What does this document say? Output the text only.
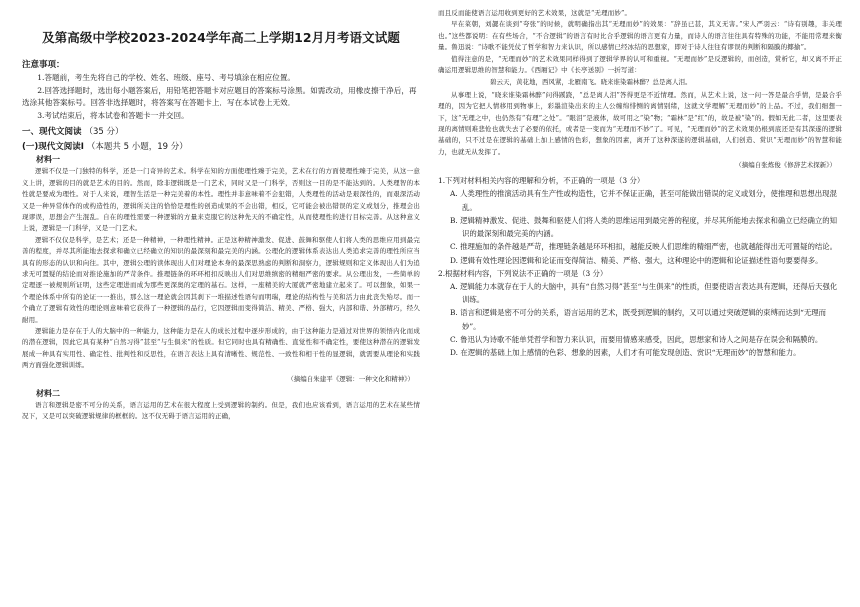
及第高级中学校2023-2024学年高二上学期12月月考语文试题
注意事项：

1.答题前，考生先将自己的学校、姓名、班级、座号、考号填涂在相应位置。

2.回答选择题时，选出每小题答案后，用铅笔把答题卡对应题目的答案标号涂黑。如需改动，用橡皮擦干净后，再选涂其他答案标号。回答非选择题时，将答案写在答题卡上．写在本试卷上无效．

3.考试结束后，将本试卷和答题卡一并交回。

一、现代文阅读 （35 分）
(一)现代文阅读Ⅰ （本题共 5 小题，19 分）
材料一

逻辑不仅是一门独特的科学，还是一门奇异的艺术。科学在知的方面使理性臻于完美，艺术在行的方面使理性臻于完美，从这一意义上讲，逻辑的目的就是艺术的目的。然而，除非逻辑既是一门艺术，同时又是一门科学，否则这一目的是不能达到的。人类理智的本性就是要成为理性。对于人来说，理智生活是一种完美着的本性。理性并非意味着不会犯错，人类理性的活动是艰深性的，而艰深活动又是一种异常体作的或构造性的，逻辑所关注的恰恰是理性的创造成果的不会出错，相反，它可能会被出错误的定义或划分，推理会出现谬误，思想会产生混乱。自在的理性需要一种逻辑的方量来克服它的这种先天的不确定性，从而使理性的进行目标完善。从这种意义上说，逻辑是一门科学，又是一门艺术。

逻辑不仅仅是科学，是艺术；还是一种精神，一种理性精神。正是这种精神激发、促进、鼓舞和驱使人们将人类的思维应用到最完善的程度，并尽其所能地去探求和确立已经确立的知识的最深刻和最完美的内涵。公理化的逻辑体系表达出人类追求完善的理性所应当具有的形态的认识和向往。其中，逻辑公理的读体现出人们对理论本身的最深思熟虑的判断和洞察力，逻辑规则和定义体现出人们为追求无可置疑的结论而对推论施加的严苛条件。推理链条的环环相扣反映出人们对思维缜密的精细严密的要求。从公理出发，一些简单的定理逐一被规则所证明，这些定理进而成为那些更深奥的定理的基石。这样，一座精美的大厦就严密地建立起来了。可以想象，如果一个理论体系中所有的论证一一推出，那么这一理论就会因其刹下一堆描述性语句而明瑞，理论的结构性与美和活力由此丧失殆尽。而一个确立了逻辑有效性的理论则意味着它获得了一种逻辑的品行，它因逻辑而变得简洁、精美、严格、强大，内部和谐、外部精巧，经久耐用。

逻辑能力是存在于人的大脑中的一种能力，这种能力是在人的成长过程中逐步形成的，由于这种能力是通过对世界的领悟内化而成的潜在逻辑，因此它具有某种“自然习得”甚至“与生俱来”的性质。但它同时也具有精确性、直觉性和不确定性，要使这种潜在的逻辑发展成一种具有实用性、确定性、批判性和反思性，在语言表达上具有清晰性、规范性、一致性和相干性的显逻辑，就需要从理论和实践两方面强化逻辑训练。

（摘编自朱建平《逻辑：一种文化和精神》）
材料二

语言和逻辑是密不可分的关系，语言运用的艺术在很大程度上受到逻辑的制约。但是，我们也应该看到，语言运用的艺术在某些情况下，又是可以突破逻辑规律的框框的。这不仅无碍于语言运用的正确，

而且反而能使语言运用收到更好的艺术效果，这就是“无理而妙”。

早在菜朝，刘勰在谈到“夸张”的时候，就明确指出其“无理而妙”的效果：“辞虽已甚，其义无害。”宋人严羽云：“诗有别趣，非关理也。”这些都说明：在有些场合，“不合逻辑”的语言有时比合乎逻辑的语言更有力量，而诗人的语言往往具有特殊的功能，不能用常理来衡量。鲁迅说：“诗歌不能凭仗了哲学和智力来认识，所以感情已经冰结的思想家，即对于诗人往往有谬误的判断和隔膜的揶揄”。

值得注意的是，“无理而妙”的艺术效果同样得到了逻辑学界的认可和重视。“无理而妙”是反逻辑的，而创造，赏析它，却又离不开正确运用逻辑思维的智慧和能力。《西厢记》中《长亭送别》一折写道：

碧云天，黄花地，西风紧，北雁南飞。晓来谁染霜林醉？总是离人泪。

从事理上说，“晓来谁染霜林醉”问得蹊跷，“总是离人泪”答得更是不近情理。然而，从艺术上说，这一问一答是最合乎情，是最合乎理的，因为它把人情移用到物事上，彩墨渲染出来的主人公缠绵悱恻的离情别绪，这就文学理解“无理而妙”的上品。不过，我们细想一下，这“无理之中，也仍然有“有理”之处”。“眼泪”是液体，故可用之“染”物；“霜林”是“红”的，故是被“染”的。假如无此二者，这里要表现的离情则难悲怆也就失去了必要的依托，或者是一变而为“无理而不妙”了。可见，“无理而妙”的艺术效果仍根到底还是有其深遂的逻辑基础的，只不过是在逻辑的基础上加上感情的色彩，想象的因素，离开了这种深遂的逻辑基础，人们创造、赏识“无理而妙”的智慧和能力，也就无从发挥了。

（摘编自张炼俊《修辞艺术探新》）

1.下列对材料相关内容的理解和分析，不正确的一项是（3 分）

A. 人类理性的推演活动具有生产性或构造性，它并不保证正确，甚至可能做出错误的定义或划分，使推理和思想出现混乱。

B. 逻辑精神激发、促进、鼓舞和驱使人们将人类的思维运用到最完善的程度，并尽其所能地去探求和确立已经确立的知识的最深刻和最完美的内涵。

C. 推理施加的条件越是严苛，推理链条越是环环相扣，越能反映人们思维的精细严密，也就越能得出无可置疑的结论。

D. 逻辑有效性理论因逻辑和论证而变得简洁、精美、严格、强大，这种理论中的逻辑和论证描述性语句要要得多。

2.根据材料内容，下列说法不正确的一项是（3 分）

A. 逻辑能力本就存在于人的大脑中，具有“自然习得”甚至“与生俱来”的性质，但要使语言表达具有逻辑，还得后天强化训练。

B. 语言和逻辑是密不可分的关系，语言运用的艺术，既受到逻辑的制约，又可以通过突破逻辑的束缚而达到“无理而妙”。

C. 鲁迅认为诗歌不能单凭哲学和智力来认识，而要用情感来感受，因此，思想家和诗人之间是存在误会和隔膜的。

D. 在逻辑的基础上加上感情的色彩、想象的因素，人们才有可能发现创造、赏识“无理而妙”的智慧和能力。
